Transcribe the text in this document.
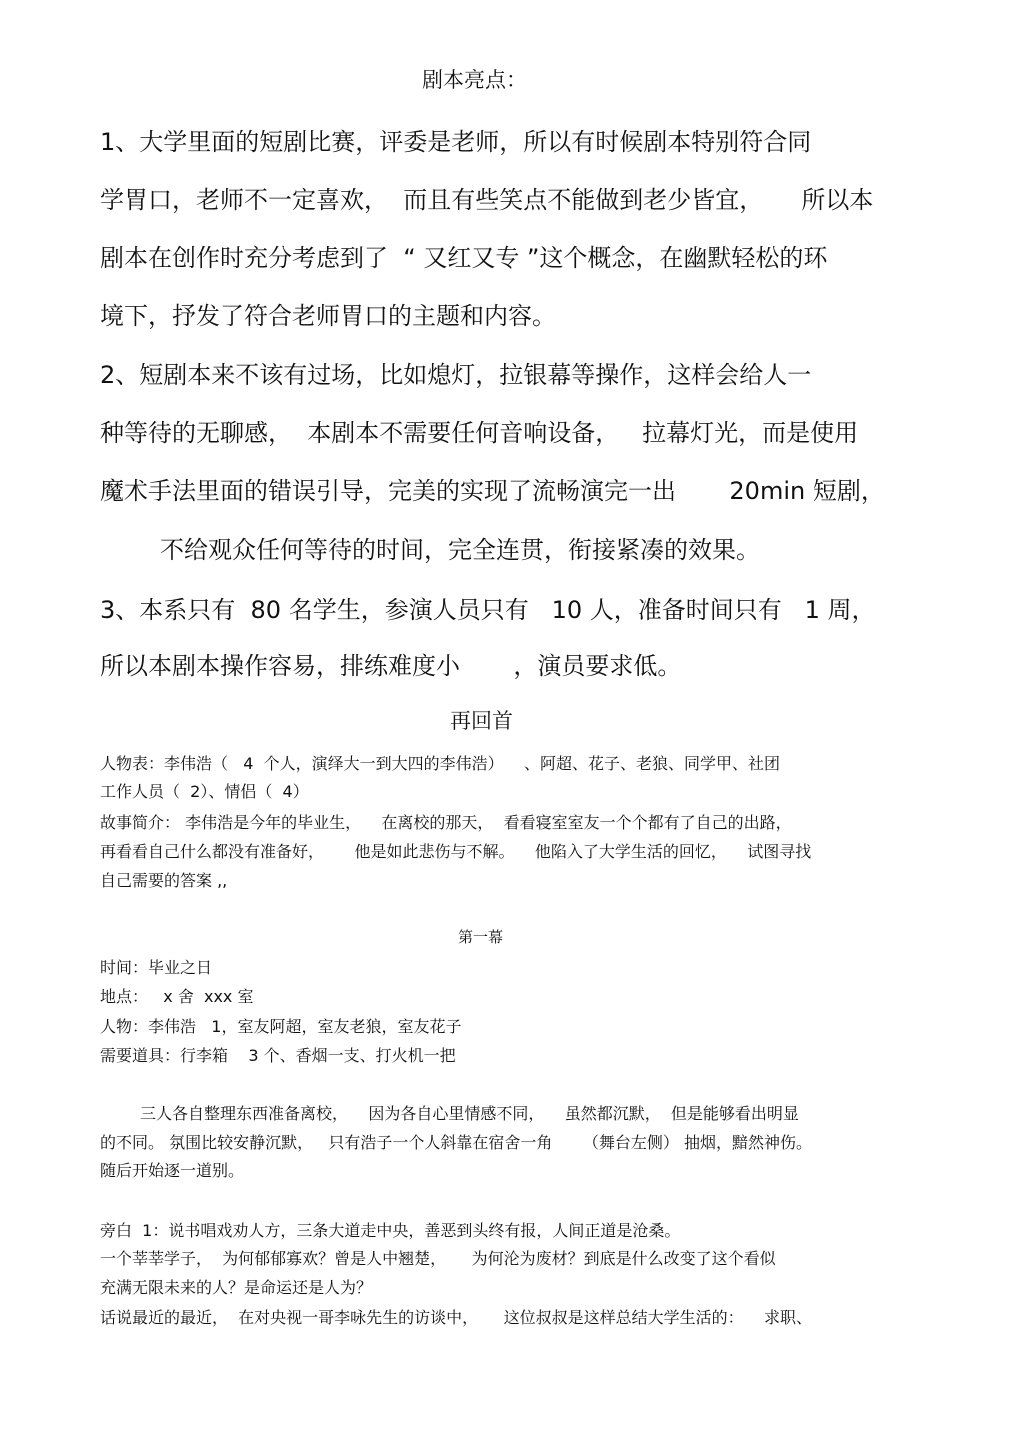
剧本亮点：
1、大学里面的短剧比赛，评委是老师，所以有时候剧本特别符合同
学胃口，老师不一定喜欢，  而且有些笑点不能做到老少皆宜，     所以本
剧本在创作时充分考虑到了  “ 又红又专 ”这个概念，在幽默轻松的环
境下，抒发了符合老师胃口的主题和内容。
2、短剧本来不该有过场，比如熄灯，拉银幕等操作，这样会给人一
种等待的无聊感，  本剧本不需要任何音响设备，   拉幕灯光，而是使用
魔术手法里面的错误引导，完美的实现了流畅演完一出       20min 短剧，
不给观众任何等待的时间，完全连贯，衔接紧凑的效果。
3、本系只有  80 名学生，参演人员只有   10 人，准备时间只有   1 周，
所以本剧本操作容易，排练难度小       ，演员要求低。
再回首
人物表：李伟浩（   4  个人，演绎大一到大四的李伟浩）    、阿超、花子、老狼、同学甲、社团
工作人员（  2）、情侣（  4）
故事简介： 李伟浩是今年的毕业生，    在离校的那天，  看看寝室室友一个个都有了自己的出路，
再看看自己什么都没有准备好，      他是如此悲伤与不解。    他陷入了大学生活的回忆，    试图寻找
自己需要的答案 ,,
第一幕
时间：毕业之日
地点：   x 舍  xxx 室
人物：李伟浩   1，室友阿超，室友老狼，室友花子
需要道具：行李箱    3 个、香烟一支、打火机一把
三人各自整理东西准备离校，    因为各自心里情感不同，    虽然都沉默，  但是能够看出明显
的不同。 氛围比较安静沉默，   只有浩子一个人斜靠在宿舍一角      （舞台左侧） 抽烟，黯然神伤。
随后开始逐一道别。
旁白  1：说书唱戏劝人方，三条大道走中央，善恶到头终有报，人间正道是沧桑。
一个莘莘学子，  为何郁郁寡欢？曾是人中翘楚，     为何沦为废材？到底是什么改变了这个看似
充满无限未来的人？是命运还是人为？
话说最近的最近，  在对央视一哥李咏先生的访谈中，     这位叔叔是这样总结大学生活的：    求职、
